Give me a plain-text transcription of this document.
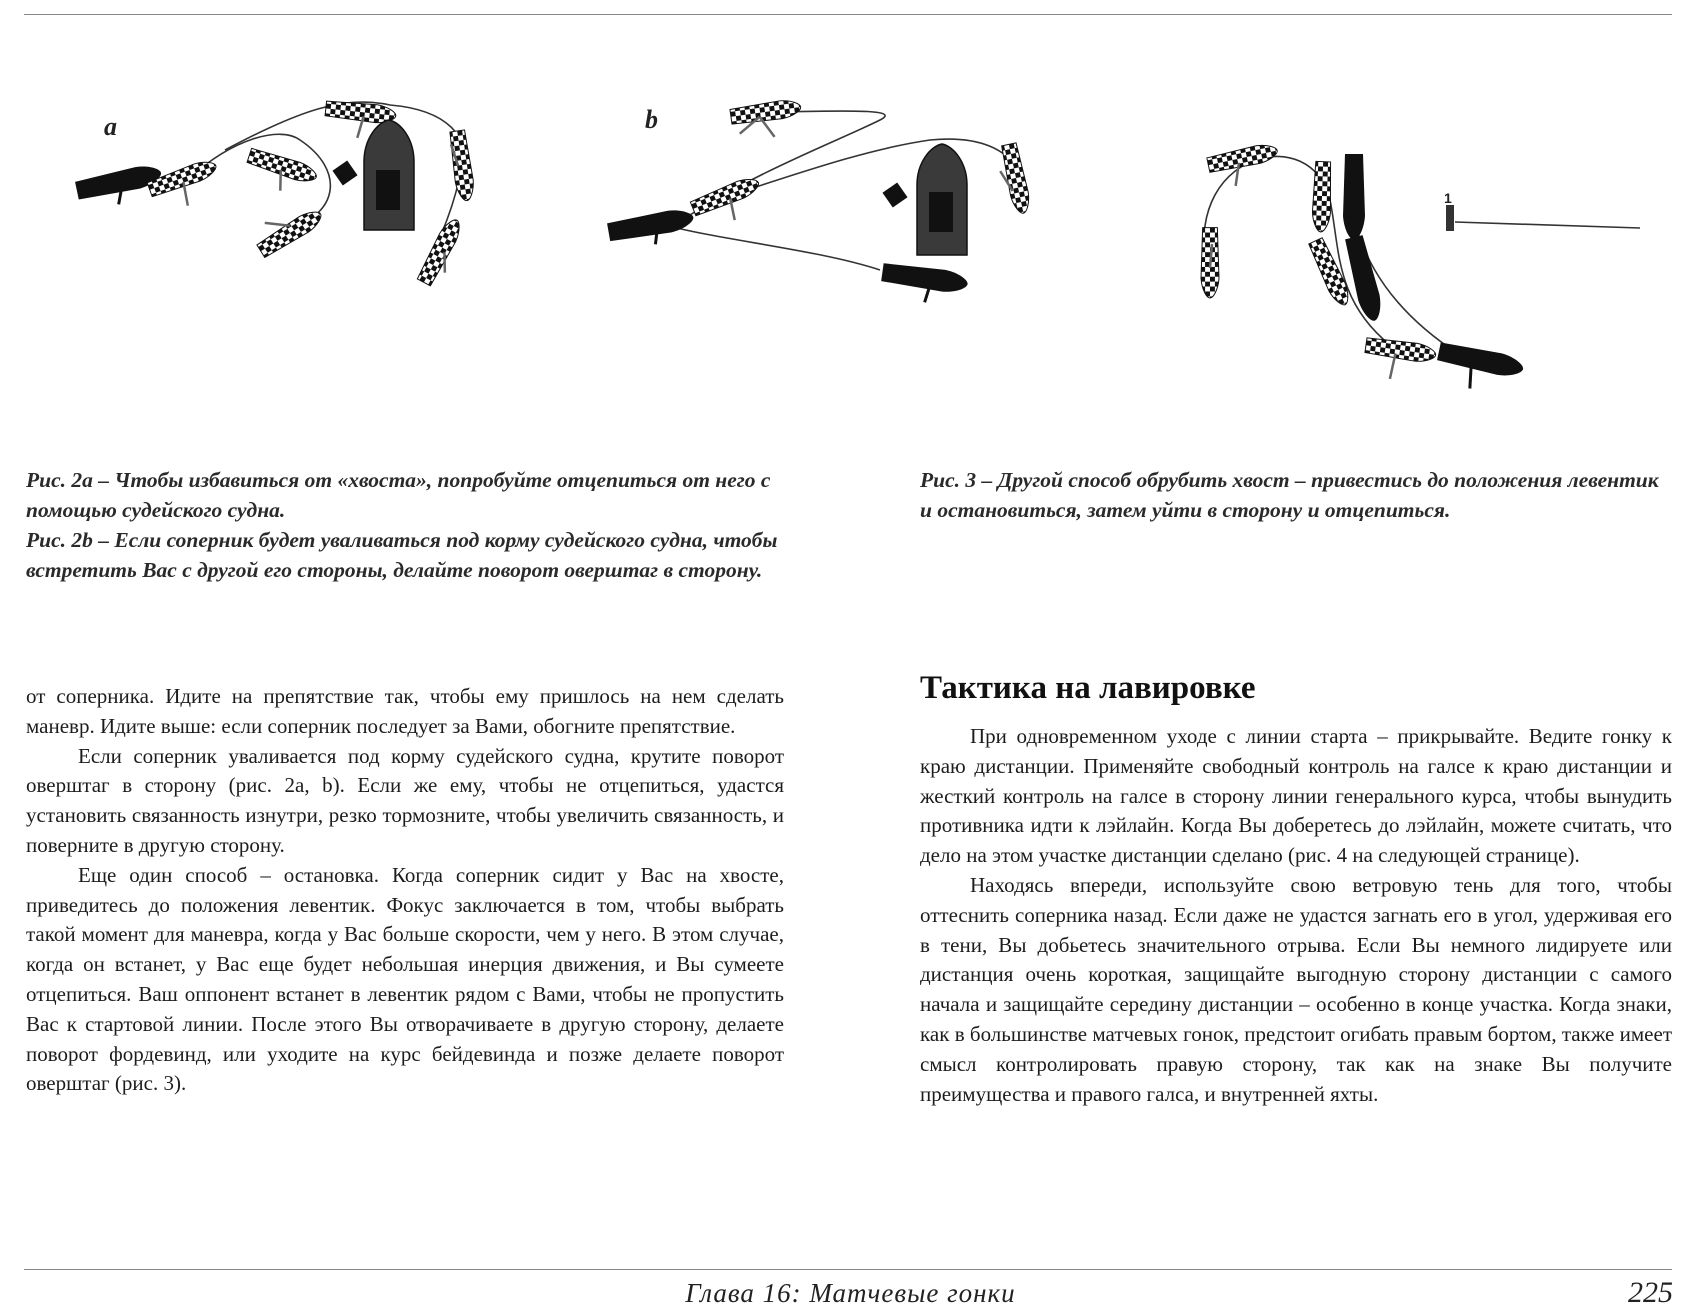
a	b
1

Рис. 2а – Чтобы избавиться от «хвоста», попробуйте отцепиться от него с помощью судейского судна.

Рис. 2b – Если соперник будет уваливаться под корму судейского судна, чтобы встретить Вас с другой его стороны, делайте поворот оверштаг в сторону.

Рис. 3 – Другой способ обрубить хвост – привестись до положения левентик и остановиться, затем уйти в сторону и отцепиться.

от соперника. Идите на препятствие так, чтобы ему пришлось на нем сделать маневр. Идите выше: если соперник последует за Вами, обогните препятствие.

Если соперник уваливается под корму судейского судна, крутите поворот оверштаг в сторону (рис. 2а, b). Если же ему, чтобы не отцепиться, удастся установить связанность изнутри, резко тормозните, чтобы увеличить связанность, и поверните в другую сторону.

Еще один способ – остановка. Когда соперник сидит у Вас на хвосте, приведитесь до положения левентик. Фокус заключается в том, чтобы выбрать такой момент для маневра, когда у Вас больше скорости, чем у него. В этом случае, когда он встанет, у Вас еще будет небольшая инерция движения, и Вы сумеете отцепиться. Ваш оппонент встанет в левентик рядом с Вами, чтобы не пропустить Вас к стартовой линии. После этого Вы отворачиваете в другую сторону, делаете поворот фордевинд, или уходите на курс бейдевинда и позже делаете поворот оверштаг (рис. 3).

Тактика на лавировке

При одновременном уходе с линии старта – прикрывайте. Ведите гонку к краю дистанции. Применяйте свободный контроль на галсе к краю дистанции и жесткий контроль на галсе в сторону линии генерального курса, чтобы вынудить противника идти к лэйлайн. Когда Вы доберетесь до лэйлайн, можете считать, что дело на этом участке дистанции сделано (рис. 4 на следующей странице).

Находясь впереди, используйте свою ветровую тень для того, чтобы оттеснить соперника назад. Если даже не удастся загнать его в угол, удерживая его в тени, Вы добьетесь значительного отрыва. Если Вы немного лидируете или дистанция очень короткая, защищайте выгодную сторону дистанции с самого начала и защищайте середину дистанции – особенно в конце участка. Когда знаки, как в большинстве матчевых гонок, предстоит огибать правым бортом, также имеет смысл контролировать правую сторону, так как на знаке Вы получите преимущества и правого галса, и внутренней яхты.

Глава 16: Матчевые гонки	225
